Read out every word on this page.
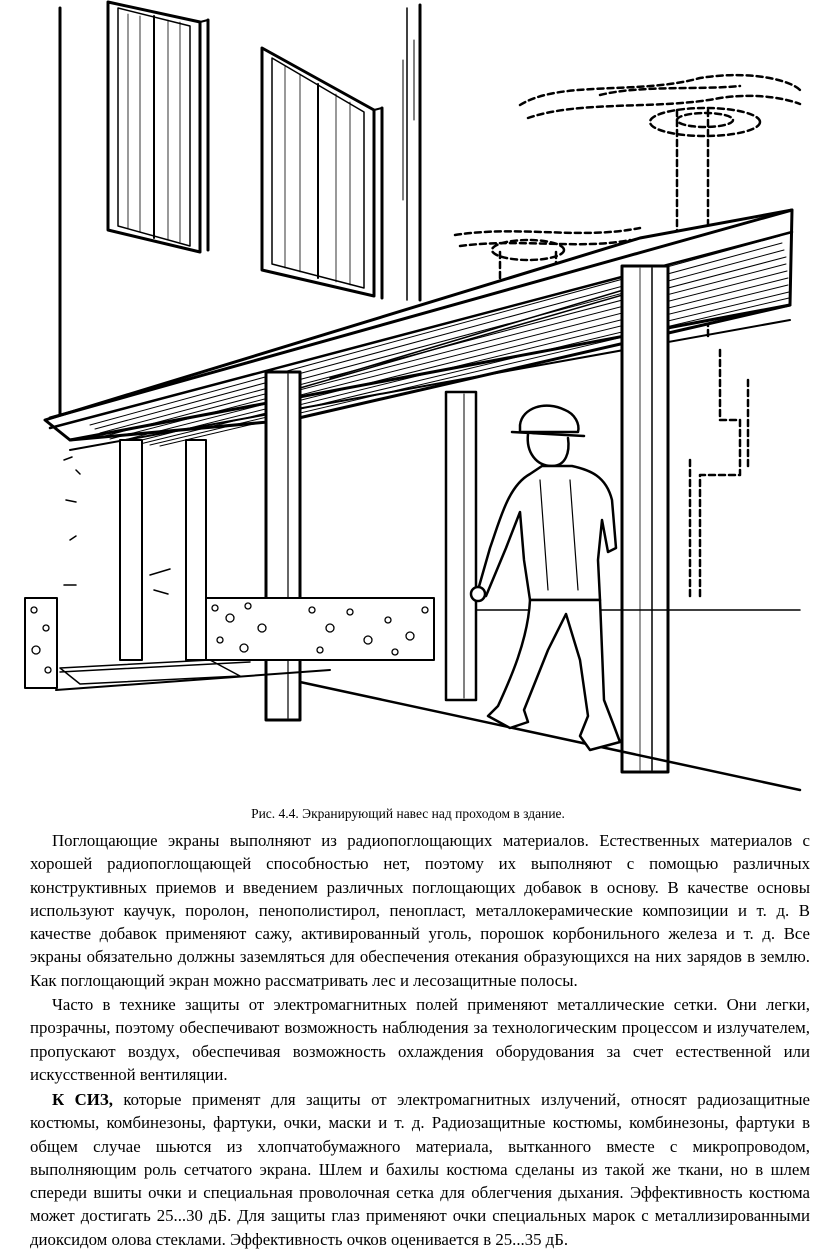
Рис. 4.4. Экранирующий навес над проходом в здание.

Поглощающие экраны выполняют из радиопоглощающих материалов. Естественных материалов с хорошей радиопоглощающей способностью нет, поэтому их выполняют с помощью различных конструктивных приемов и введением различных поглощающих добавок в основу. В качестве основы используют каучук, поролон, пенополистирол, пенопласт, металлокерамические композиции и т. д. В качестве добавок применяют сажу, активированный уголь, порошок корбонильного железа и т. д. Все экраны обязательно должны заземляться для обеспечения отекания образующихся на них зарядов в землю. Как поглощающий экран можно рассматривать лес и лесозащитные полосы.

Часто в технике защиты от электромагнитных полей применяют металлические сетки. Они легки, прозрачны, поэтому обеспечивают возможность наблюдения за технологическим процессом и излучателем, пропускают воздух, обеспечивая возможность охлаждения оборудования за счет естественной или искусственной вентиляции.

К СИЗ, которые применят для защиты от электромагнитных излучений, относят радиозащитные костюмы, комбинезоны, фартуки, очки, маски и т. д. Радиозащитные костюмы, комбинезоны, фартуки в общем случае шьются из хлопчатобумажного материала, вытканного вместе с микропроводом, выполняющим роль сетчатого экрана. Шлем и бахилы костюма сделаны из такой же ткани, но в шлем спереди вшиты очки и специальная проволочная сетка для облегчения дыхания. Эффективность костюма может достигать 25...30 дБ. Для защиты глаз применяют очки специальных марок с металлизированными диоксидом олова стеклами. Эффективность очков оценивается в 25...35 дБ.
